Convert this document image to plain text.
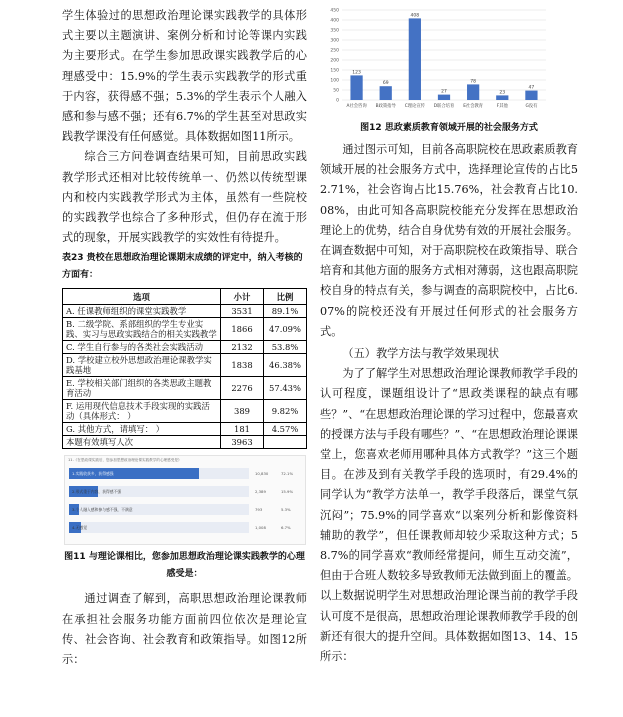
学生体验过的思想政治理论课实践教学的具体形式主要以主题演讲、案例分析和讨论等课内实践为主要形式。在学生参加思政课实践教学后的心理感受中：15.9%的学生表示实践教学的形式重于内容，获得感不强；5.3%的学生表示个人融入感和参与感不强；还有6.7%的学生甚至对思政实践教学课没有任何感觉。具体数据如图11所示。

综合三方问卷调查结果可知，目前思政实践教学形式还相对比较传统单一、仍然以传统型课内和校内实践教学形式为主体，虽然有一些院校的实践教学也综合了多种形式，但仍存在流于形式的现象，开展实践教学的实效性有待提升。

表23 贵校在思想政治理论课期末成绩的评定中，纳入考核的方面有：

选项	小计	比例
A. 任课教师组织的课堂实践教学	3531	89.1%
B. 二级学院、系部组织的学生专业实践、实习与思政实践结合的相关实践教学	1866	47.09%
C. 学生自行参与的各类社会实践活动	2132	53.8%
D. 学校建立校外思想政治理论课教学实践基地	1838	46.38%
E. 学校相关部门组织的各类思政主题教育活动	2276	57.43%
F. 运用现代信息技术手段实现的实践活动（具体形式： ）	389	9.82%
G. 其他方式，请填写： ）	181	4.57%
本题有效填写人次	3963	
11.《在思政课实践后，您参加思想政治理论课实践教学的心理感受是》
1.实践收获多，获得感强	10,830	72.1%
2.形式重于内容，获得感不强	2,389	15.9%
3.个人融入感和参与感不强，不满意	793	5.3%
4.无感觉	1,008	6.7%

图11 与理论课相比，您参加思想政治理论课实践教学的心理感受是：

通过调查了解到，高职思想政治理论课教师在承担社会服务功能方面前四位依次是理论宣传、社会咨询、社会教育和政策指导。如图12所示：

0
50
100
150
200
250
300
350
400
450
123
A社会咨询
69
B政策指导
408
C理论宣传
27
D联合培育
78
E社会教育
23
F其他
47
G没有

图12 思政素质教育领域开展的社会服务方式

通过图示可知，目前各高职院校在思政素质教育领域开展的社会服务方式中，选择理论宣传的占比52.71%，社会咨询占比15.76%，社会教育占比10.08%，由此可知各高职院校能充分发挥在思想政治理论上的优势，结合自身优势有效的开展社会服务。在调查数据中可知，对于高职院校在政策指导、联合培育和其他方面的服务方式相对薄弱，这也跟高职院校自身的特点有关，参与调查的高职院校中，占比6.07%的院校还没有开展过任何形式的社会服务方式。

（五）教学方法与教学效果现状

为了了解学生对思想政治理论课教师教学手段的认可程度，课题组设计了“思政类课程的缺点有哪些？”、“在思想政治理论课的学习过程中，您最喜欢的授课方法与手段有哪些？”、“在思想政治理论课课堂上，您喜欢老师用哪种具体方式教学？”这三个题目。在涉及到有关教学手段的选项时，有29.4%的同学认为“教学方法单一，教学手段落后，课堂气氛沉闷”；75.9%的同学喜欢“以案列分析和影像资料辅助的教学”，但任课教师却较少采取这种方式；58.7%的同学喜欢“教师经常提问，师生互动交流”，但由于合班人数较多导致教师无法做到面上的覆盖。以上数据说明学生对思想政治理论课当前的教学手段认可度不是很高，思想政治理论课教师教学手段的创新还有很大的提升空间。具体数据如图13、14、15所示：
